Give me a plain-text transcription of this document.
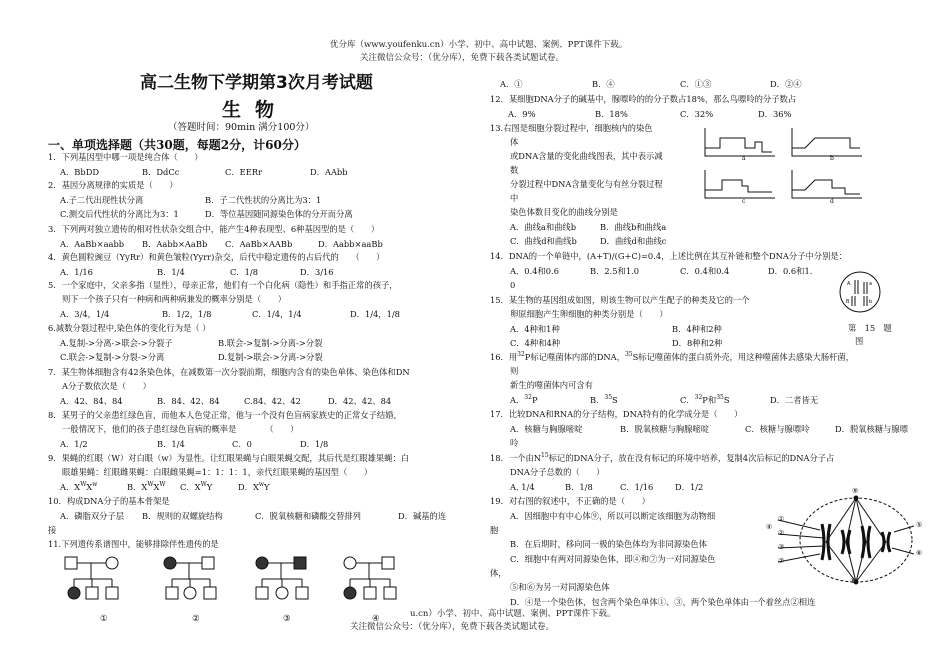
优分库（www.youfenku.cn）小学、初中、高中试题、案例、PPT课件下载。
关注微信公众号：（优分库），免费下载各类试题试卷。
u.cn）小学、初中、高中试题、案例、PPT课件下载。
关注微信公众号：（优分库），免费下载各类试题试卷。
高二生物下学期第3次月考试题
生物
（答题时间：90min 满分100分）
一、单项选择题（共30题，每题2分，计60分）
1．下列基因型中哪一项是纯合体（　　）
A．BbDD	B．DdCc	C．EERr	D．AAbb
2．基因分离规律的实质是（　　）
A.子二代出现性状分离	B．子二代性状的分离比为3：1
C.测交后代性状的分离比为3：1	D．等位基因随同源染色体的分开而分离
3．下列两对独立遗传的相对性状杂交组合中，能产生4种表现型、6种基因型的是（　　）
A．AaBb×aabb B．Aabb×AaBb C．AaBb×AABb	D．Aabb×aaBb
4．黄色圆粒豌豆（YyRr）和黄色皱粒(Yyrr)杂交，后代中稳定遗传的占后代的　　（　　）
A．1/16	B．1/4	C．1/8	D．3/16
5．一个家庭中，父亲多指（显性），母亲正常，他们有一个白化病（隐性）和手指正常的孩子，
则下一个孩子只有一种病和两种病兼发的概率分别是（　　）
A．3/4，1/4	B．1/2，1/8	C．1/4，1/4	D．1/4，1/8
6.减数分裂过程中,染色体的变化行为是（ ）
A.复制->分离->联会->分裂子	B.联会->复制->分离->分裂
C.联会->复制->分裂->分离	D.复制->联会->分离->分裂
7．某生物体细胞含有42条染色体，在减数第一次分裂前期，细胞内含有的染色单体、染色体和DN
A分子数依次是（　　）
A．42、84、84	B．84、42、84	C.84、42、42	D．42、42、84
8．某男子的父亲患红绿色盲，而他本人色觉正常，他与一个没有色盲病家族史的正常女子结婚，
一般情况下，他们的孩子患红绿色盲病的概率是　　　　（　　）
A．1/2	B．1/4	C．0	D．1/8
9．果蝇的红眼（W）对白眼（w）为显性。让红眼果蝇与白眼果蝇交配，其后代是红眼雄果蝇：白
眼雄果蝇：红眼雌果蝇：白眼雌果蝇=1：1：1：1，亲代红眼果蝇的基因型（　　）
A．$X^WX^w$	B．$X^WX^W$ C．$X^WY$	D．$X^wY$
10．构成DNA分子的基本骨架是
A．磷脂双分子层 B．规则的双螺旋结构	C．脱氧核糖和磷酸交替排列	D．碱基的连
接
11.下列遗传系谱图中，能够排除伴性遗传的是
①	②	③	④
A．①	B．④	C．①③	D．②④
12．某细胞DNA分子的碱基中，腺嘌呤的的分子数占18%，那么鸟嘌呤的分子数占
A．9%	B．18%	C．32%	D．36%
13.右图是细胞分裂过程中，细胞核内的染色
体
或DNA含量的变化曲线图表，其中表示减
数
分裂过程中DNA含量变化与有丝分裂过程
中
染色体数目变化的曲线分别是
A．曲线a和曲线b	B．曲线b和曲线a
C．曲线d和曲线b	D．曲线d和曲线c
a	b
c	d
14．DNA的一个单链中，(A+T)/(G+C)=0.4，上述比例在其互补链和整个DNA分子中分别是：
A．0.4和0.6	B．2.5和1.0	C．0.4和0.4	D．0.6和1.
0
15．某生物的基因组成如图，则该生物可以产生配子的种类及它的一个
卵原细胞产生卵细胞的种类分别是（　　）
A．4种和1种	B．4种和2种
C．4种和4种	D．8种和2种
A	a
B	b
第　15　题
图
16．用$^{32}$P标记噬菌体内部的DNA，$^{35}$S标记噬菌体的蛋白质外壳，用这种噬菌体去感染大肠杆菌，
则
新生的噬菌体内可含有
A．$^{32}$P	B．$^{35}$S	C．$^{32}$P和$^{35}$S	D．二者皆无
17．比较DNA和RNA的分子结构，DNA特有的化学成分是（　　）
A．核糖与胸腺嘧啶	B．脱氧核糖与胸腺嘧啶	C．核糖与腺嘌呤	D．脱氧核糖与腺嘌
呤
18．一个由$N^{15}$标记的DNA分子，放在没有标记的环境中培养，复制4次后标记的DNA分子占
DNA分子总数的（　　）
A. 1/4	B．1/8	C．1/16	D．1/2
19．对右图的叙述中，不正确的是（　　）
A．因细胞中有中心体⑨，所以可以断定该细胞为动物细
胞
B．在后期时，移向同一极的染色体均为非同源染色体
C．细胞中有两对同源染色体，即④和⑦为一对同源染色
体，
⑤和⑥为另一对同源染色体
D．④是一个染色体，包含两个染色单体①、③，两个染色单体由一个着丝点②相连
①
②
③
④	⑤
⑥
⑦
⑧
⑨
